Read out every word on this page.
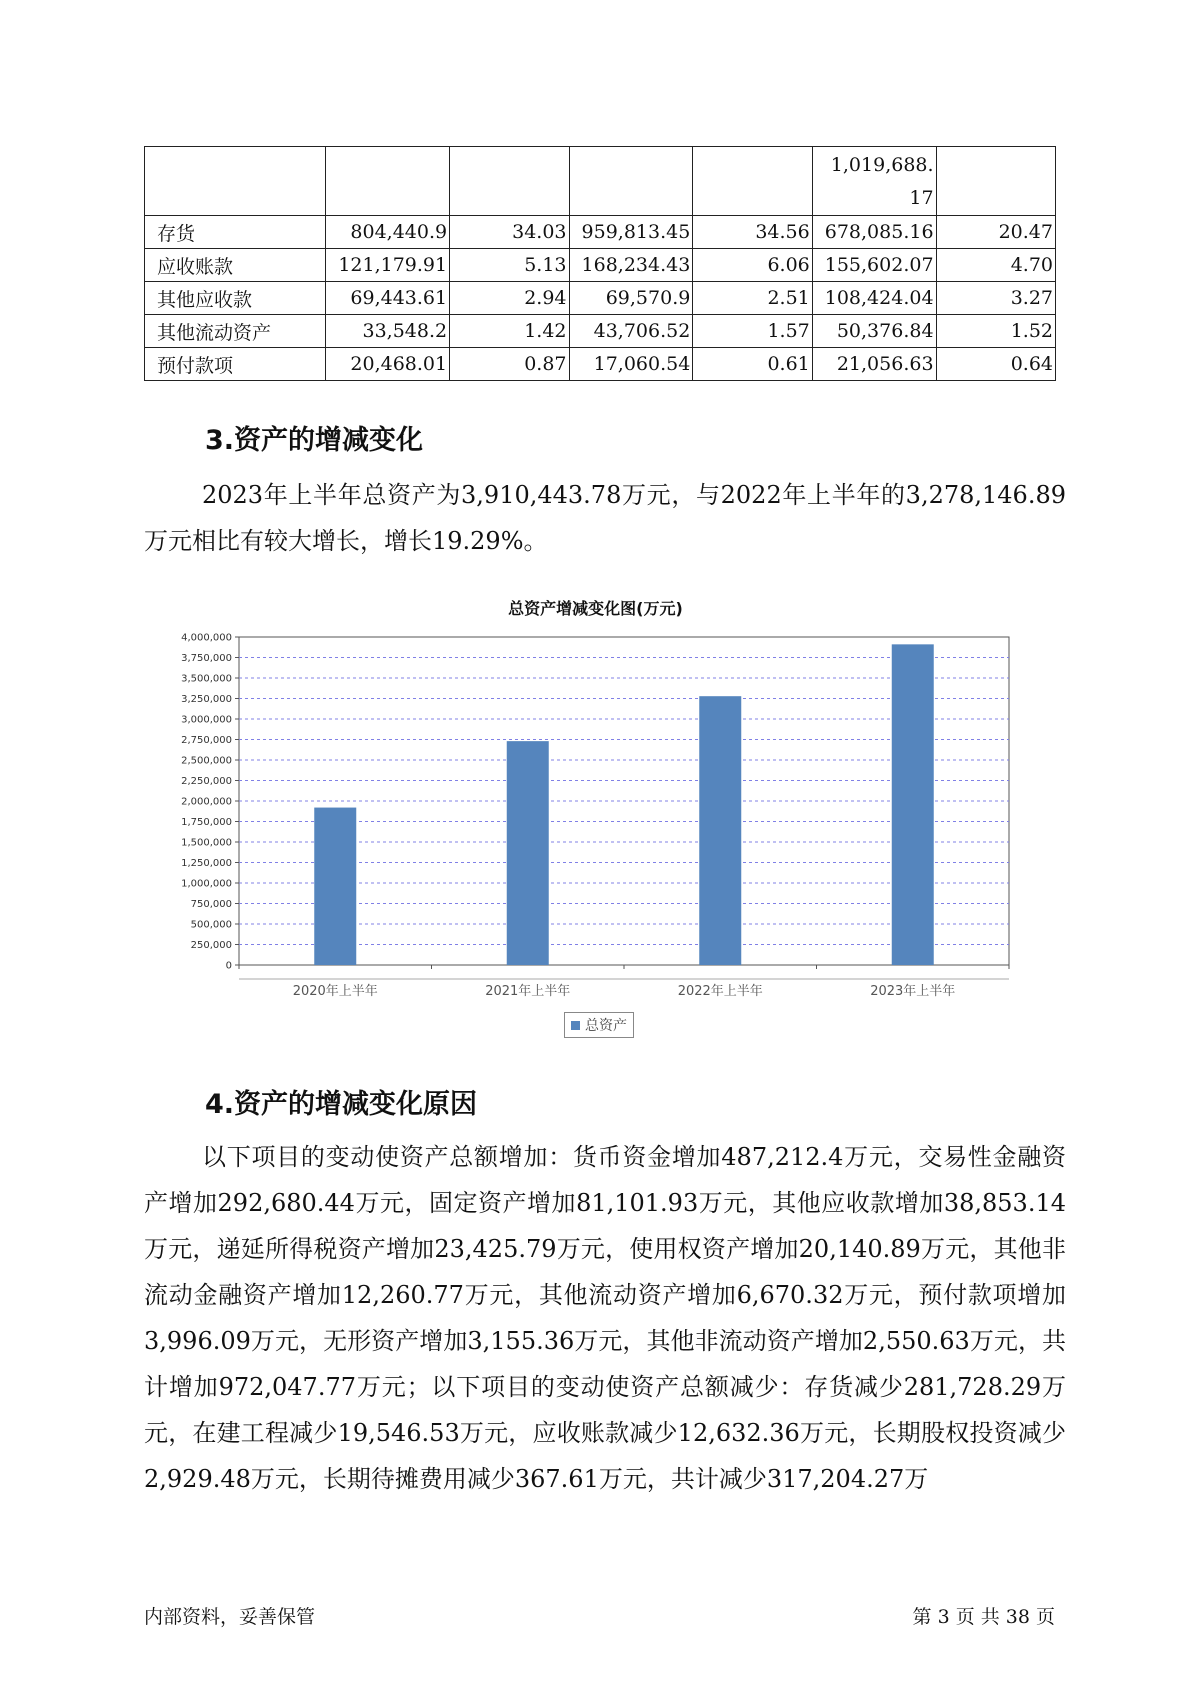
					1,019,688.17	
存货	804,440.9	34.03	959,813.45	34.56	678,085.16	20.47
应收账款	121,179.91	5.13	168,234.43	6.06	155,602.07	4.70
其他应收款	69,443.61	2.94	69,570.9	2.51	108,424.04	3.27
其他流动资产	33,548.2	1.42	43,706.52	1.57	50,376.84	1.52
预付款项	20,468.01	0.87	17,060.54	0.61	21,056.63	0.64
3.资产的增减变化

2023年上半年总资产为3,910,443.78万元，与2022年上半年的3,278,146.89万元相比有较大增长，增长19.29%。

总资产增减变化图(万元)

0
250,000
500,000
750,000
1,000,000
1,250,000
1,500,000
1,750,000
2,000,000
2,250,000
2,500,000
2,750,000
3,000,000
3,250,000
3,500,000
3,750,000
4,000,000
2020年上半年	2021年上半年	2022年上半年	2023年上半年
总资产
4.资产的增减变化原因

以下项目的变动使资产总额增加：货币资金增加487,212.4万元，交易性金融资产增加292,680.44万元，固定资产增加81,101.93万元，其他应收款增加38,853.14万元，递延所得税资产增加23,425.79万元，使用权资产增加20,140.89万元，其他非流动金融资产增加12,260.77万元，其他流动资产增加6,670.32万元，预付款项增加3,996.09万元，无形资产增加3,155.36万元，其他非流动资产增加2,550.63万元，共计增加972,047.77万元；以下项目的变动使资产总额减少：存货减少281,728.29万元，在建工程减少19,546.53万元，应收账款减少12,632.36万元，长期股权投资减少2,929.48万元，长期待摊费用减少367.61万元，共计减少317,204.27万

内部资料，妥善保管	第 3 页 共 38 页
